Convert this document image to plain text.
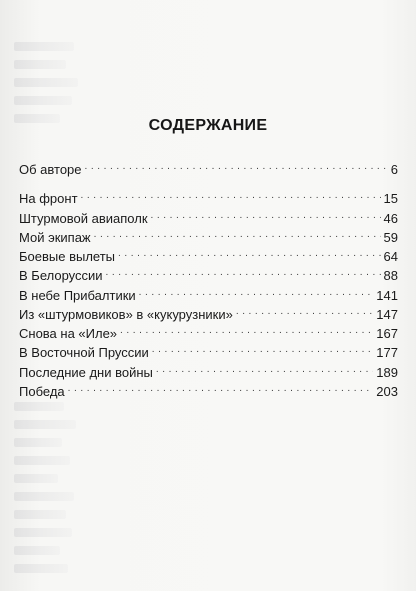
СОДЕРЖАНИЕ
Об авторе . . .	6
На фронт . . .	15
Штурмовой авиаполк . . .	46
Мой экипаж . . .	59
Боевые вылеты . . .	64
В Белоруссии . . .	88
В небе Прибалтики . . .	141
Из «штурмовиков» в «кукурузники» . . .	147
Снова на «Иле» . . .	167
В Восточной Пруссии . . .	177
Последние дни войны . . .	189
Победа . . .	203
